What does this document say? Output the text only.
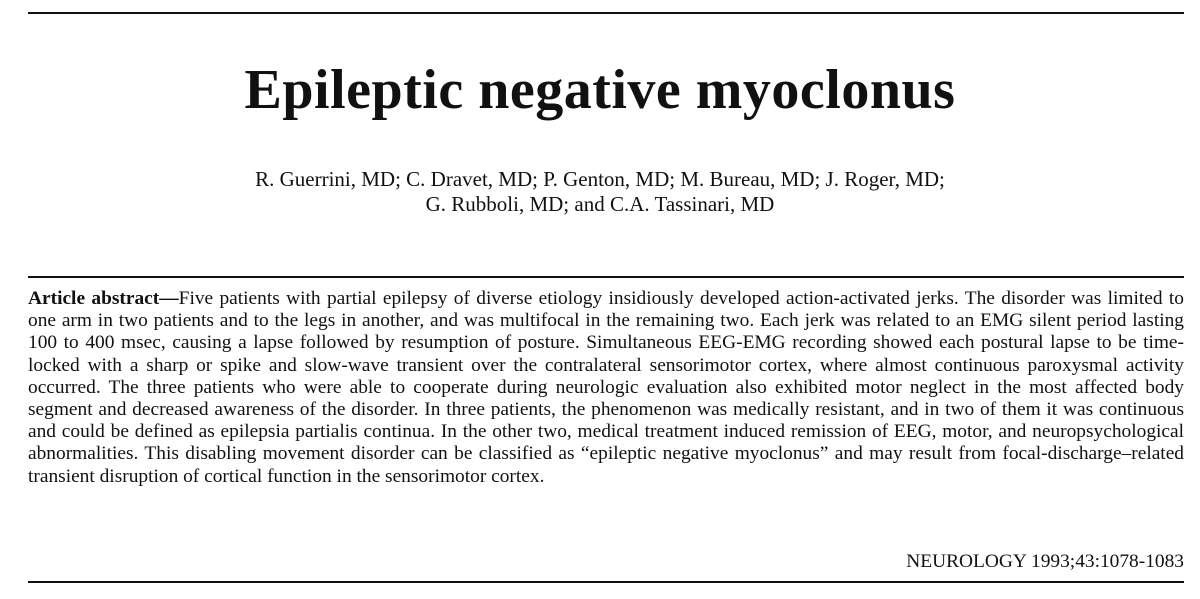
Epileptic negative myoclonus
R. Guerrini, MD; C. Dravet, MD; P. Genton, MD; M. Bureau, MD; J. Roger, MD;
G. Rubboli, MD; and C.A. Tassinari, MD

Article abstract—Five patients with partial epilepsy of diverse etiology insidiously developed action-activated jerks. The disorder was limited to one arm in two patients and to the legs in another, and was multifocal in the remaining two. Each jerk was related to an EMG silent period lasting 100 to 400 msec, causing a lapse followed by resumption of posture. Simultaneous EEG-EMG recording showed each postural lapse to be time-locked with a sharp or spike and slow-wave transient over the contralateral sensorimotor cortex, where almost continuous paroxysmal activity occurred. The three patients who were able to cooperate during neurologic evaluation also exhibited motor neglect in the most affected body segment and decreased awareness of the disorder. In three patients, the phenomenon was medically resistant, and in two of them it was continuous and could be defined as epilepsia partialis continua. In the other two, medical treatment induced remission of EEG, motor, and neuropsychological abnormalities. This disabling movement disorder can be classified as “epileptic negative myoclonus” and may result from focal-discharge–related transient disruption of cortical function in the sensorimotor cortex.

NEUROLOGY 1993;43:1078-1083
